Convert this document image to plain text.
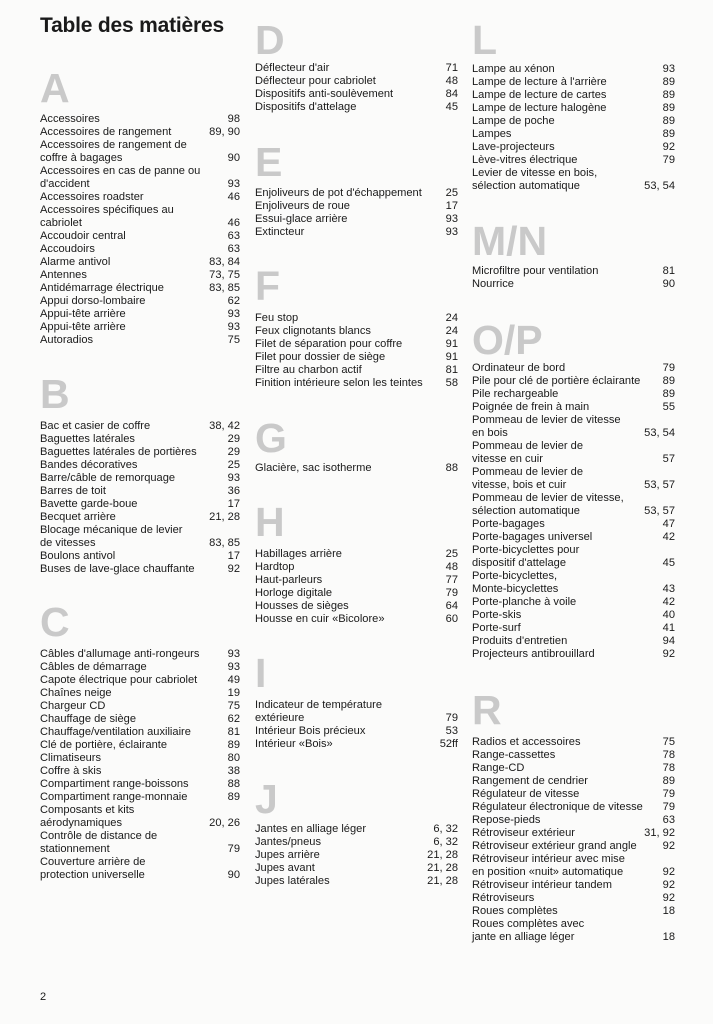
Table des matières
A
Accessoires	98
Accessoires de rangement	89, 90
Accessoires de rangement de
coffre à bagages	90
Accessoires en cas de panne ou
d'accident	93
Accessoires roadster	46
Accessoires spécifiques au
cabriolet	46
Accoudoir central	63
Accoudoirs	63
Alarme antivol	83, 84
Antennes	73, 75
Antidémarrage électrique	83, 85
Appui dorso-lombaire	62
Appui-tête arrière	93
Appui-tête arrière	93
Autoradios	75
B
Bac et casier de coffre	38, 42
Baguettes latérales	29
Baguettes latérales de portières	29
Bandes décoratives	25
Barre/câble de remorquage	93
Barres de toit	36
Bavette garde-boue	17
Becquet arrière	21, 28
Blocage mécanique de levier
de vitesses	83, 85
Boulons antivol	17
Buses de lave-glace chauffante	92
C
Câbles d'allumage anti-rongeurs	93
Câbles de démarrage	93
Capote électrique pour cabriolet	49
Chaînes neige	19
Chargeur CD	75
Chauffage de siège	62
Chauffage/ventilation auxiliaire	81
Clé de portière, éclairante	89
Climatiseurs	80
Coffre à skis	38
Compartiment range-boissons	88
Compartiment range-monnaie	89
Composants et kits
aérodynamiques	20, 26
Contrôle de distance de
stationnement	79
Couverture arrière de
protection universelle	90
D
Déflecteur d'air	71
Déflecteur pour cabriolet	48
Dispositifs anti-soulèvement	84
Dispositifs d'attelage	45
E
Enjoliveurs de pot d'échappement 25
Enjoliveurs de roue	17
Essui-glace arrière	93
Extincteur	93
F
Feu stop	24
Feux clignotants blancs	24
Filet de séparation pour coffre	91
Filet pour dossier de siège	91
Filtre au charbon actif	81
Finition intérieure selon les teintes 58
G
Glacière, sac isotherme	88
H
Habillages arrière	25
Hardtop	48
Haut-parleurs	77
Horloge digitale	79
Housses de sièges	64
Housse en cuir «Bicolore»	60
I
Indicateur de température
extérieure	79
Intérieur Bois précieux	53
Intérieur «Bois»	52ff
J
Jantes en alliage léger	6, 32
Jantes/pneus	6, 32
Jupes arrière	21, 28
Jupes avant	21, 28
Jupes latérales	21, 28
L
Lampe au xénon	93
Lampe de lecture à l'arrière	89
Lampe de lecture de cartes	89
Lampe de lecture halogène	89
Lampe de poche	89
Lampes	89
Lave-projecteurs	92
Lève-vitres électrique	79
Levier de vitesse en bois,
sélection automatique	53, 54
M/N
Microfiltre pour ventilation	81
Nourrice	90
O/P
Ordinateur de bord	79
Pile pour clé de portière éclairante 89
Pile rechargeable	89
Poignée de frein à main	55
Pommeau de levier de vitesse
en bois	53, 54
Pommeau de levier de
vitesse en cuir	57
Pommeau de levier de
vitesse, bois et cuir	53, 57
Pommeau de levier de vitesse,
sélection automatique	53, 57
Porte-bagages	47
Porte-bagages universel	42
Porte-bicyclettes pour
dispositif d'attelage	45
Porte-bicyclettes,
Monte-bicyclettes	43
Porte-planche à voile	42
Porte-skis	40
Porte-surf	41
Produits d'entretien	94
Projecteurs antibrouillard	92
R
Radios et accessoires	75
Range-cassettes	78
Range-CD	78
Rangement de cendrier	89
Régulateur de vitesse	79
Régulateur électronique de vitesse 79
Repose-pieds	63
Rétroviseur extérieur	31, 92
Rétroviseur extérieur grand angle 92
Rétroviseur intérieur avec mise
en position «nuit» automatique	92
Rétroviseur intérieur tandem	92
Rétroviseurs	92
Roues complètes	18
Roues complètes avec
jante en alliage léger	18
2
